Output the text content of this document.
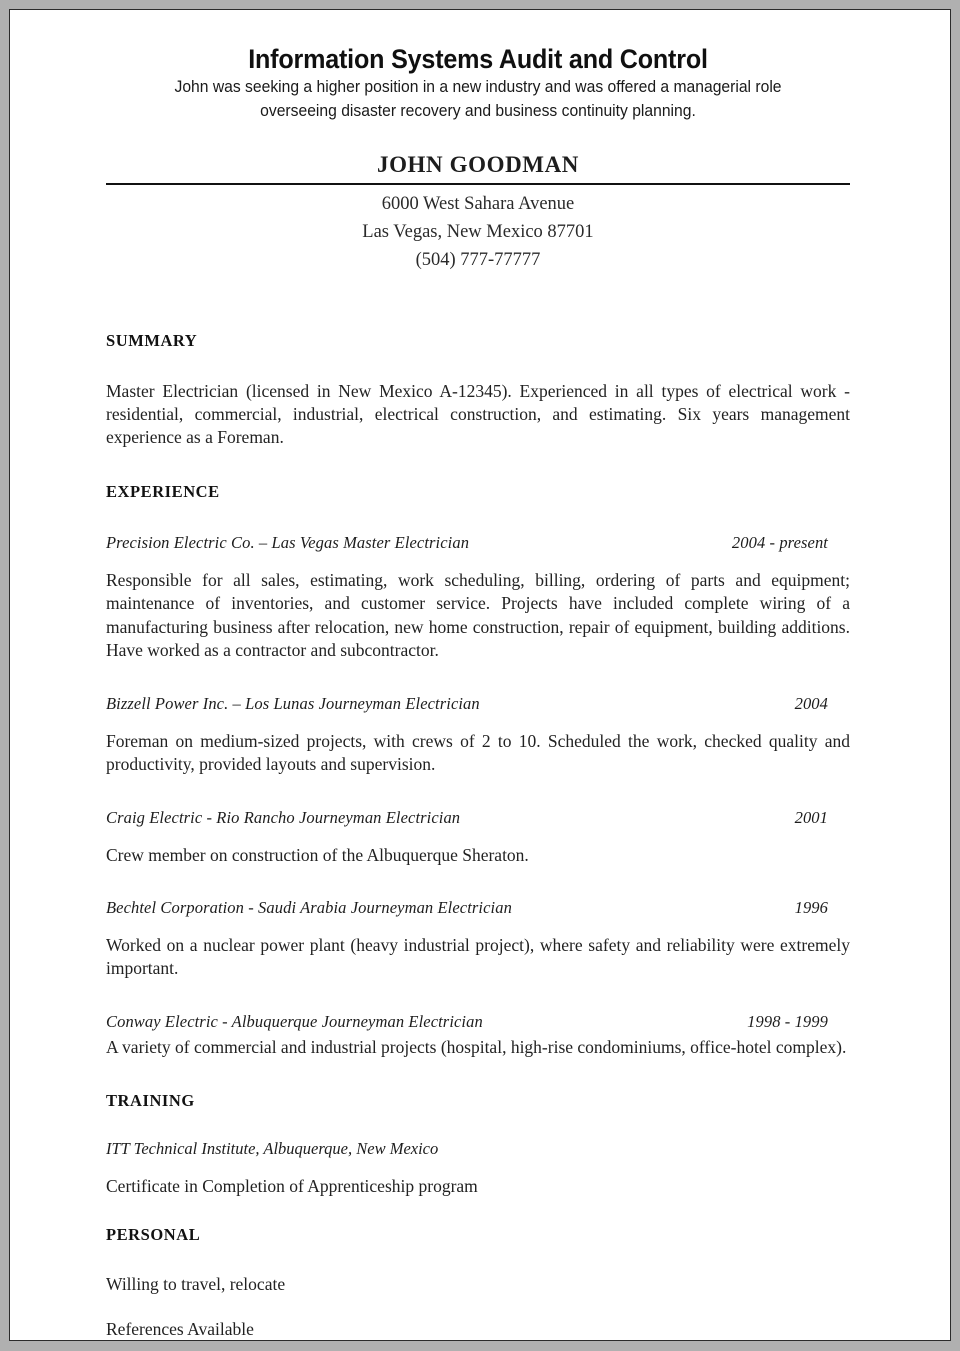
Information Systems Audit and Control
John was seeking a higher position in a new industry and was offered a managerial role overseeing disaster recovery and business continuity planning.
JOHN GOODMAN
6000 West Sahara Avenue
Las Vegas, New Mexico 87701
(504) 777-77777
SUMMARY
Master Electrician (licensed in New Mexico A-12345). Experienced in all types of electrical work - residential, commercial, industrial, electrical construction, and estimating. Six years management experience as a Foreman.
EXPERIENCE
Precision Electric Co. – Las Vegas Master Electrician	2004 - present
Responsible for all sales, estimating, work scheduling, billing, ordering of parts and equipment; maintenance of inventories, and customer service. Projects have included complete wiring of a manufacturing business after relocation, new home construction, repair of equipment, building additions. Have worked as a contractor and subcontractor.
Bizzell Power Inc. – Los Lunas Journeyman Electrician	2004
Foreman on medium-sized projects, with crews of 2 to 10. Scheduled the work, checked quality and productivity, provided layouts and supervision.
Craig Electric - Rio Rancho Journeyman Electrician	2001
Crew member on construction of the Albuquerque Sheraton.
Bechtel Corporation - Saudi Arabia Journeyman Electrician	1996
Worked on a nuclear power plant (heavy industrial project), where safety and reliability were extremely important.
Conway Electric - Albuquerque Journeyman Electrician	1998 - 1999
A variety of commercial and industrial projects (hospital, high-rise condominiums, office-hotel complex).
TRAINING
ITT Technical Institute, Albuquerque, New Mexico
Certificate in Completion of Apprenticeship program
PERSONAL
Willing to travel, relocate
References Available
